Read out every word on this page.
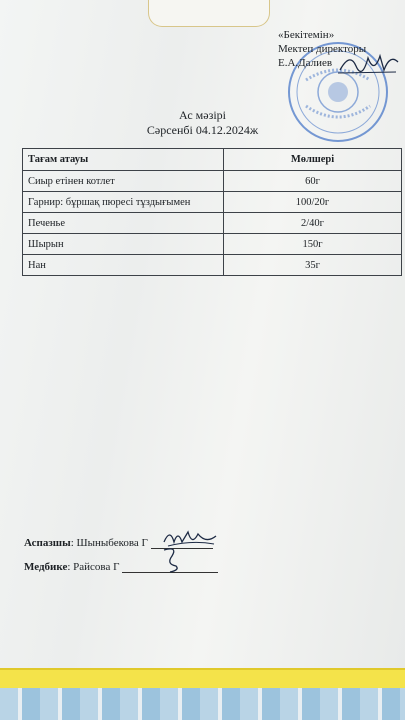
«Бекітемін»
Мектеп директоры
Е.А.Далиев
Ас мәзірі
Сәрсенбі 04.12.2024ж
Тағам атауы	Мөлшері
Сиыр етінен котлет	60г
Гарнир: бұршақ пюресі тұздығымен	100/20г
Печенье	2/40г
Шырын	150г
Нан	35г
Аспазшы: Шыныбекова Г
Медбике: Райсова Г
